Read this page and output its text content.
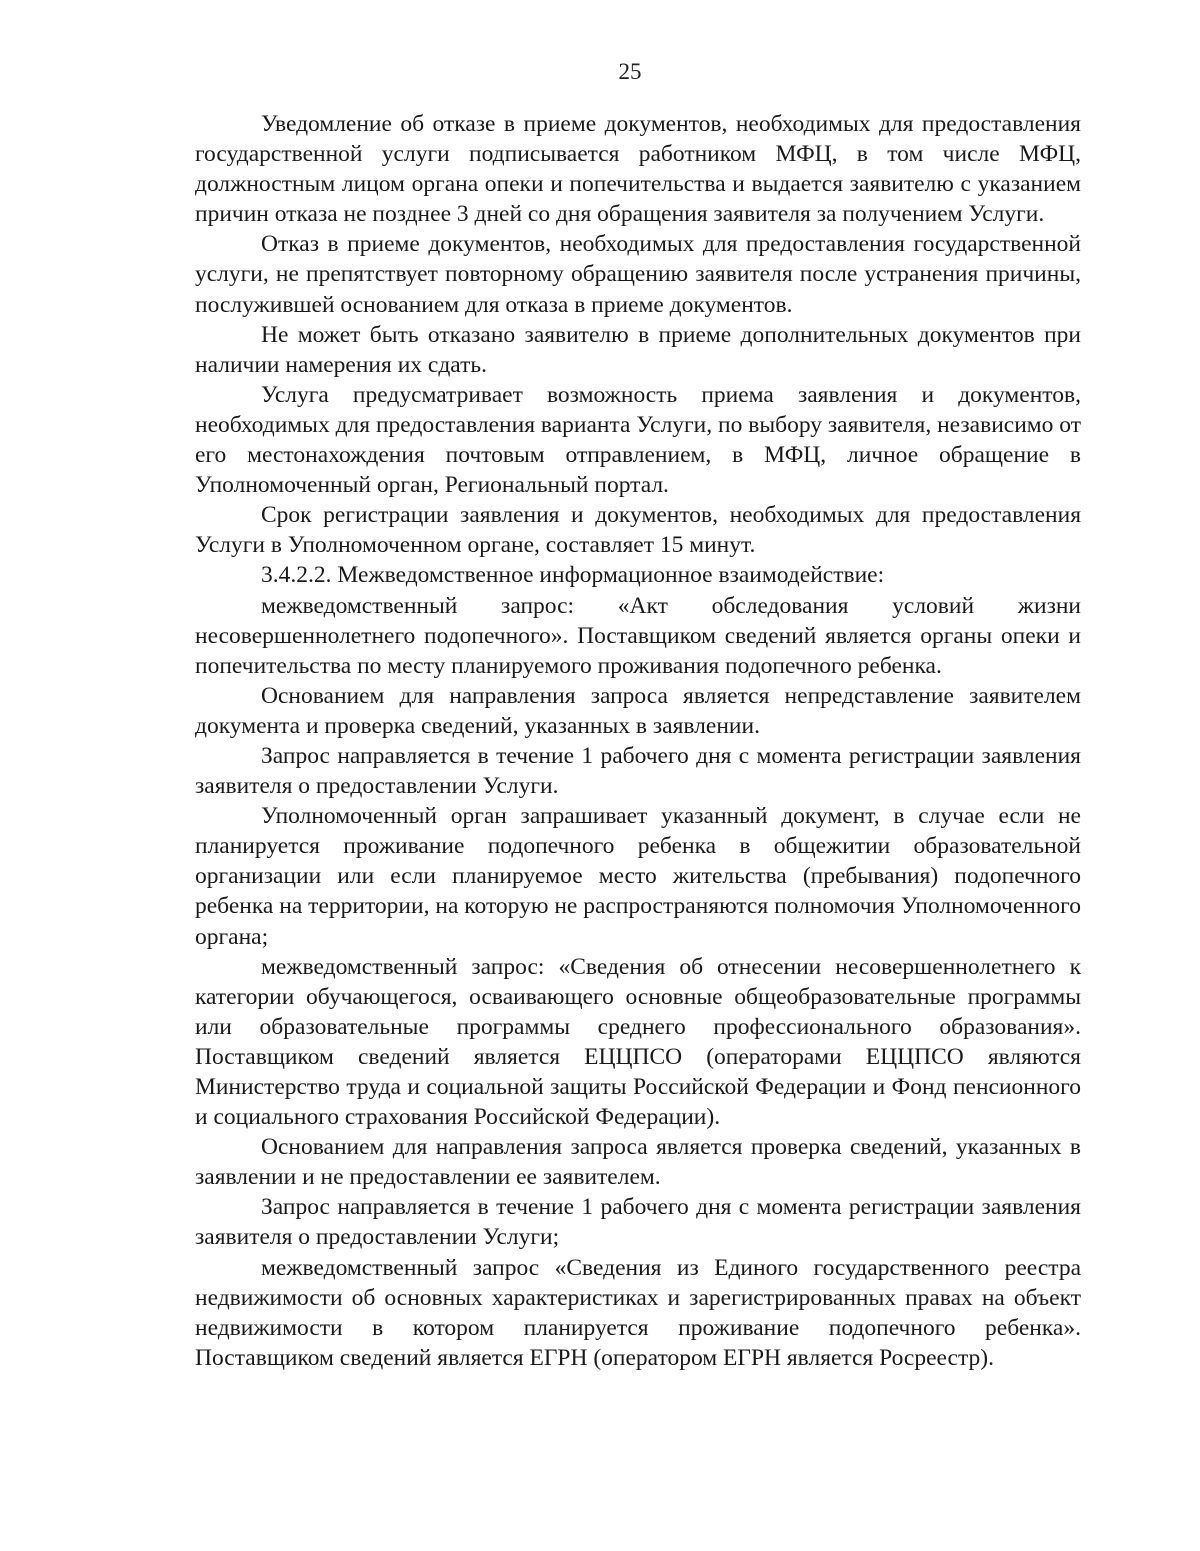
25

Уведомление об отказе в приеме документов, необходимых для предоставления государственной услуги подписывается работником МФЦ, в том числе МФЦ, должностным лицом органа опеки и попечительства и выдается заявителю с указанием причин отказа не позднее 3 дней со дня обращения заявителя за получением Услуги.

Отказ в приеме документов, необходимых для предоставления государственной услуги, не препятствует повторному обращению заявителя после устранения причины, послужившей основанием для отказа в приеме документов.

Не может быть отказано заявителю в приеме дополнительных документов при наличии намерения их сдать.

Услуга предусматривает возможность приема заявления и документов, необходимых для предоставления варианта Услуги, по выбору заявителя, независимо от его местонахождения почтовым отправлением, в МФЦ, личное обращение в Уполномоченный орган, Региональный портал.

Срок регистрации заявления и документов, необходимых для предоставления Услуги в Уполномоченном органе, составляет 15 минут.

3.4.2.2. Межведомственное информационное взаимодействие:

межведомственный запрос: «Акт обследования условий жизни несовершеннолетнего подопечного». Поставщиком сведений является органы опеки и попечительства по месту планируемого проживания подопечного ребенка.

Основанием для направления запроса является непредставление заявителем документа и проверка сведений, указанных в заявлении.

Запрос направляется в течение 1 рабочего дня с момента регистрации заявления заявителя о предоставлении Услуги.

Уполномоченный орган запрашивает указанный документ, в случае если не планируется проживание подопечного ребенка в общежитии образовательной организации или если планируемое место жительства (пребывания) подопечного ребенка на территории, на которую не распространяются полномочия Уполномоченного органа;

межведомственный запрос: «Сведения об отнесении несовершеннолетнего к категории обучающегося, осваивающего основные общеобразовательные программы или образовательные программы среднего профессионального образования». Поставщиком сведений является ЕЦЦПСО (операторами ЕЦЦПСО являются Министерство труда и социальной защиты Российской Федерации и Фонд пенсионного и социального страхования Российской Федерации).

Основанием для направления запроса является проверка сведений, указанных в заявлении и не предоставлении ее заявителем.

Запрос направляется в течение 1 рабочего дня с момента регистрации заявления заявителя о предоставлении Услуги;

межведомственный запрос «Сведения из Единого государственного реестра недвижимости об основных характеристиках и зарегистрированных правах на объект недвижимости в котором планируется проживание подопечного ребенка». Поставщиком сведений является ЕГРН (оператором ЕГРН является Росреестр).
